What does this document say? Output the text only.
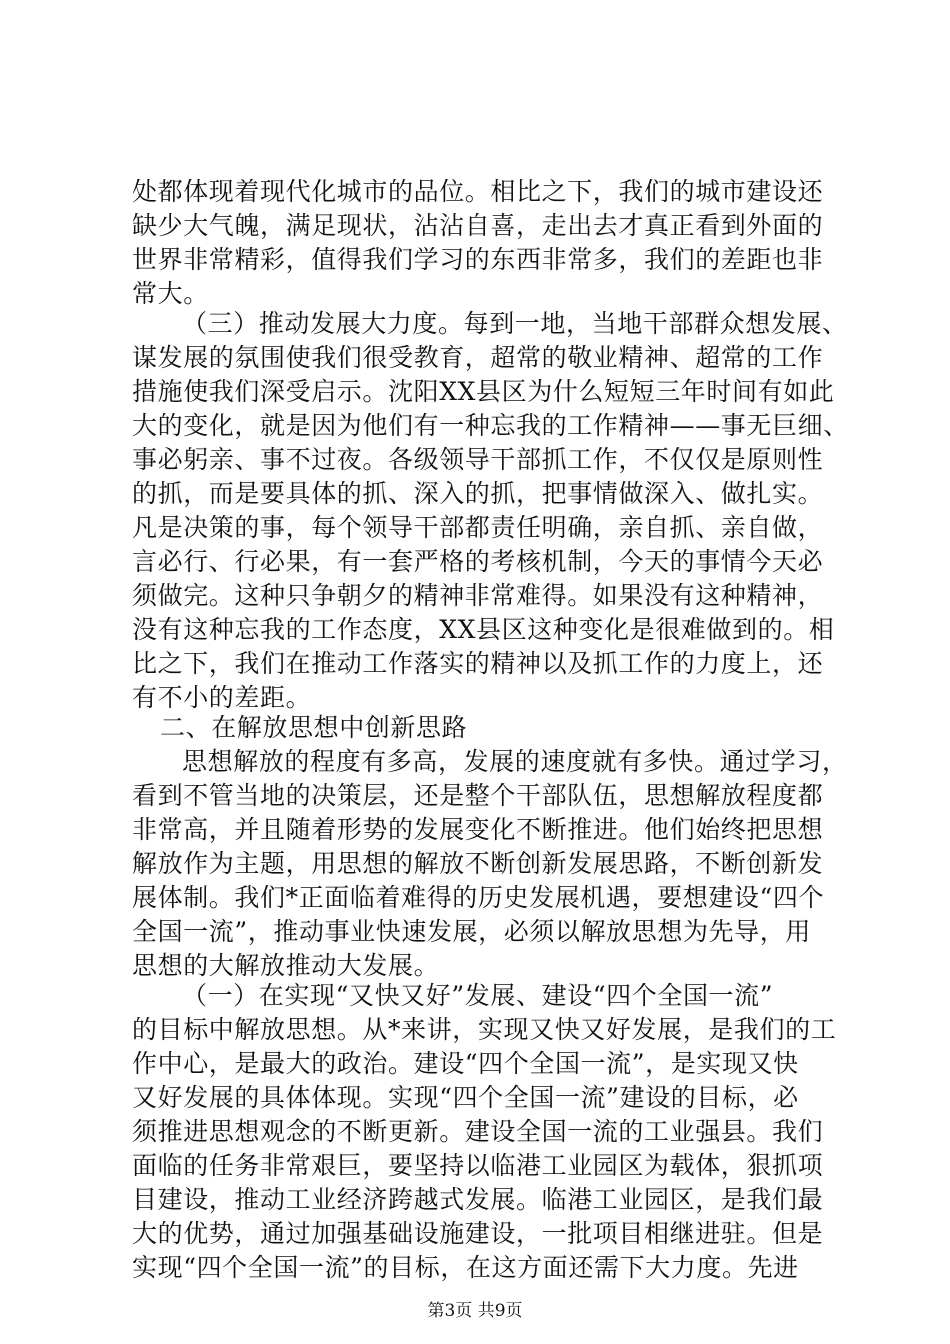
处都体现着现代化城市的品位。相比之下，我们的城市建设还
缺少大气魄，满足现状，沾沾自喜，走出去才真正看到外面的
世界非常精彩，值得我们学习的东西非常多，我们的差距也非
常大。
（三）推动发展大力度。每到一地，当地干部群众想发展、
谋发展的氛围使我们很受教育，超常的敬业精神、超常的工作
措施使我们深受启示。沈阳XX县区为什么短短三年时间有如此
大的变化，就是因为他们有一种忘我的工作精神——事无巨细、
事必躬亲、事不过夜。各级领导干部抓工作，不仅仅是原则性
的抓，而是要具体的抓、深入的抓，把事情做深入、做扎实。
凡是决策的事，每个领导干部都责任明确，亲自抓、亲自做，
言必行、行必果，有一套严格的考核机制，今天的事情今天必
须做完。这种只争朝夕的精神非常难得。如果没有这种精神，
没有这种忘我的工作态度，XX县区这种变化是很难做到的。相
比之下，我们在推动工作落实的精神以及抓工作的力度上，还
有不小的差距。
二、在解放思想中创新思路
思想解放的程度有多高，发展的速度就有多快。通过学习，
看到不管当地的决策层，还是整个干部队伍，思想解放程度都
非常高，并且随着形势的发展变化不断推进。他们始终把思想
解放作为主题，用思想的解放不断创新发展思路，不断创新发
展体制。我们*正面临着难得的历史发展机遇，要想建设“四个
全国一流”，推动事业快速发展，必须以解放思想为先导，用
思想的大解放推动大发展。
（一）在实现“又快又好”发展、建设“四个全国一流”
的目标中解放思想。从*来讲，实现又快又好发展，是我们的工
作中心，是最大的政治。建设“四个全国一流”，是实现又快
又好发展的具体体现。实现“四个全国一流”建设的目标，必
须推进思想观念的不断更新。建设全国一流的工业强县。我们
面临的任务非常艰巨，要坚持以临港工业园区为载体，狠抓项
目建设，推动工业经济跨越式发展。临港工业园区，是我们最
大的优势，通过加强基础设施建设，一批项目相继进驻。但是
实现“四个全国一流”的目标，在这方面还需下大力度。先进
第3页 共9页
